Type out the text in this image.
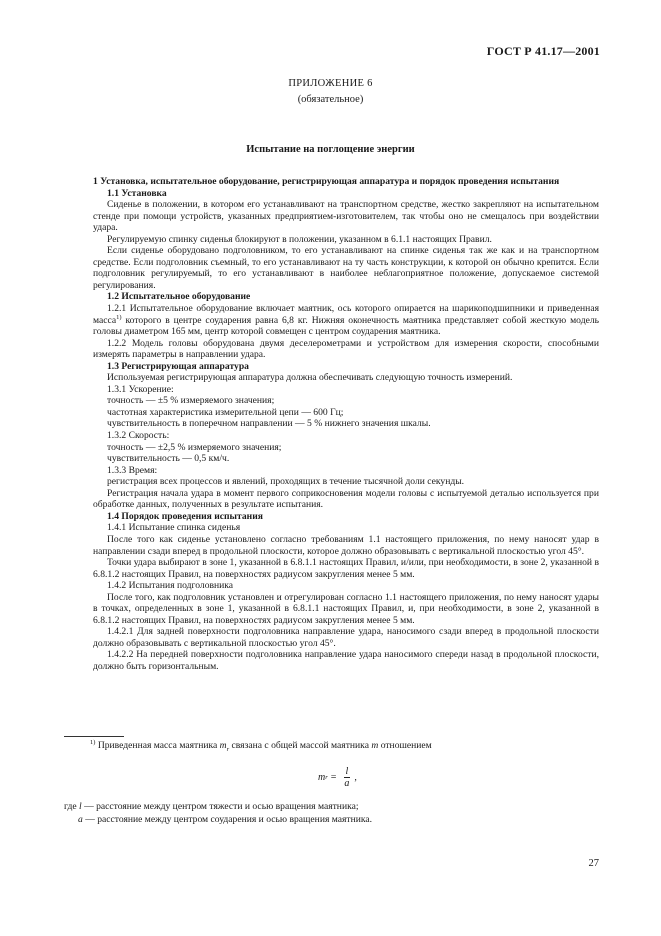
ГОСТ Р 41.17—2001
ПРИЛОЖЕНИЕ 6
(обязательное)
Испытание на поглощение энергии

1 Установка, испытательное оборудование, регистрирующая аппаратура и порядок проведения испытания

1.1 Установка

Сиденье в положении, в котором его устанавливают на транспортном средстве, жестко закрепляют на испытательном стенде при помощи устройств, указанных предприятием-изготовителем, так чтобы оно не смещалось при воздействии удара.

Регулируемую спинку сиденья блокируют в положении, указанном в 6.1.1 настоящих Правил.

Если сиденье оборудовано подголовником, то его устанавливают на спинке сиденья так же как и на транспортном средстве. Если подголовник съемный, то его устанавливают на ту часть конструкции, к которой он обычно крепится. Если подголовник регулируемый, то его устанавливают в наиболее неблагоприятное положение, допускаемое системой регулирования.

1.2 Испытательное оборудование

1.2.1 Испытательное оборудование включает маятник, ось которого опирается на шарикоподшипники и приведенная масса$^{1)}$ которого в центре соударения равна 6,8 кг. Нижняя оконечность маятника представляет собой жесткую модель головы диаметром 165 мм, центр которой совмещен с центром соударения маятника.

1.2.2 Модель головы оборудована двумя деселерометрами и устройством для измерения скорости, способными измерять параметры в направлении удара.

1.3 Регистрирующая аппаратура

Используемая регистрирующая аппаратура должна обеспечивать следующую точность измерений.

1.3.1 Ускорение:

точность — ±5 % измеряемого значения;

частотная характеристика измерительной цепи — 600 Гц;

чувствительность в поперечном направлении — 5 % нижнего значения шкалы.

1.3.2 Скорость:

точность — ±2,5 % измеряемого значения;

чувствительность — 0,5 км/ч.

1.3.3 Время:

регистрация всех процессов и явлений, проходящих в течение тысячной доли секунды.

Регистрация начала удара в момент первого соприкосновения модели головы с испытуемой деталью используется при обработке данных, полученных в результате испытания.

1.4 Порядок проведения испытания

1.4.1 Испытание спинка сиденья

После того как сиденье установлено согласно требованиям 1.1 настоящего приложения, по нему наносят удар в направлении сзади вперед в продольной плоскости, которое должно образовывать с вертикальной плоскостью угол 45°.

Точки удара выбирают в зоне 1, указанной в 6.8.1.1 настоящих Правил, и/или, при необходимости, в зоне 2, указанной в 6.8.1.2 настоящих Правил, на поверхностях радиусом закругления менее 5 мм.

1.4.2 Испытания подголовника

После того, как подголовник установлен и отрегулирован согласно 1.1 настоящего приложения, по нему наносят удары в точках, определенных в зоне 1, указанной в 6.8.1.1 настоящих Правил, и, при необходимости, в зоне 2, указанной в 6.8.1.2 настоящих Правил, на поверхностях радиусом закругления менее 5 мм.

1.4.2.1 Для задней поверхности подголовника направление удара, наносимого сзади вперед в продольной плоскости должно образовывать с вертикальной плоскостью угол 45°.

1.4.2.2 На передней поверхности подголовника направление удара наносимого спереди назад в продольной плоскости, должно быть горизонтальным.

$^{1)}$ Приведенная масса маятника $m_r$ связана с общей массой маятника m отношением
m $r = \frac{l}{a}$ ,
где l — расстояние между центром тяжести и осью вращения маятника;
a — расстояние между центром соударения и осью вращения маятника.
27
